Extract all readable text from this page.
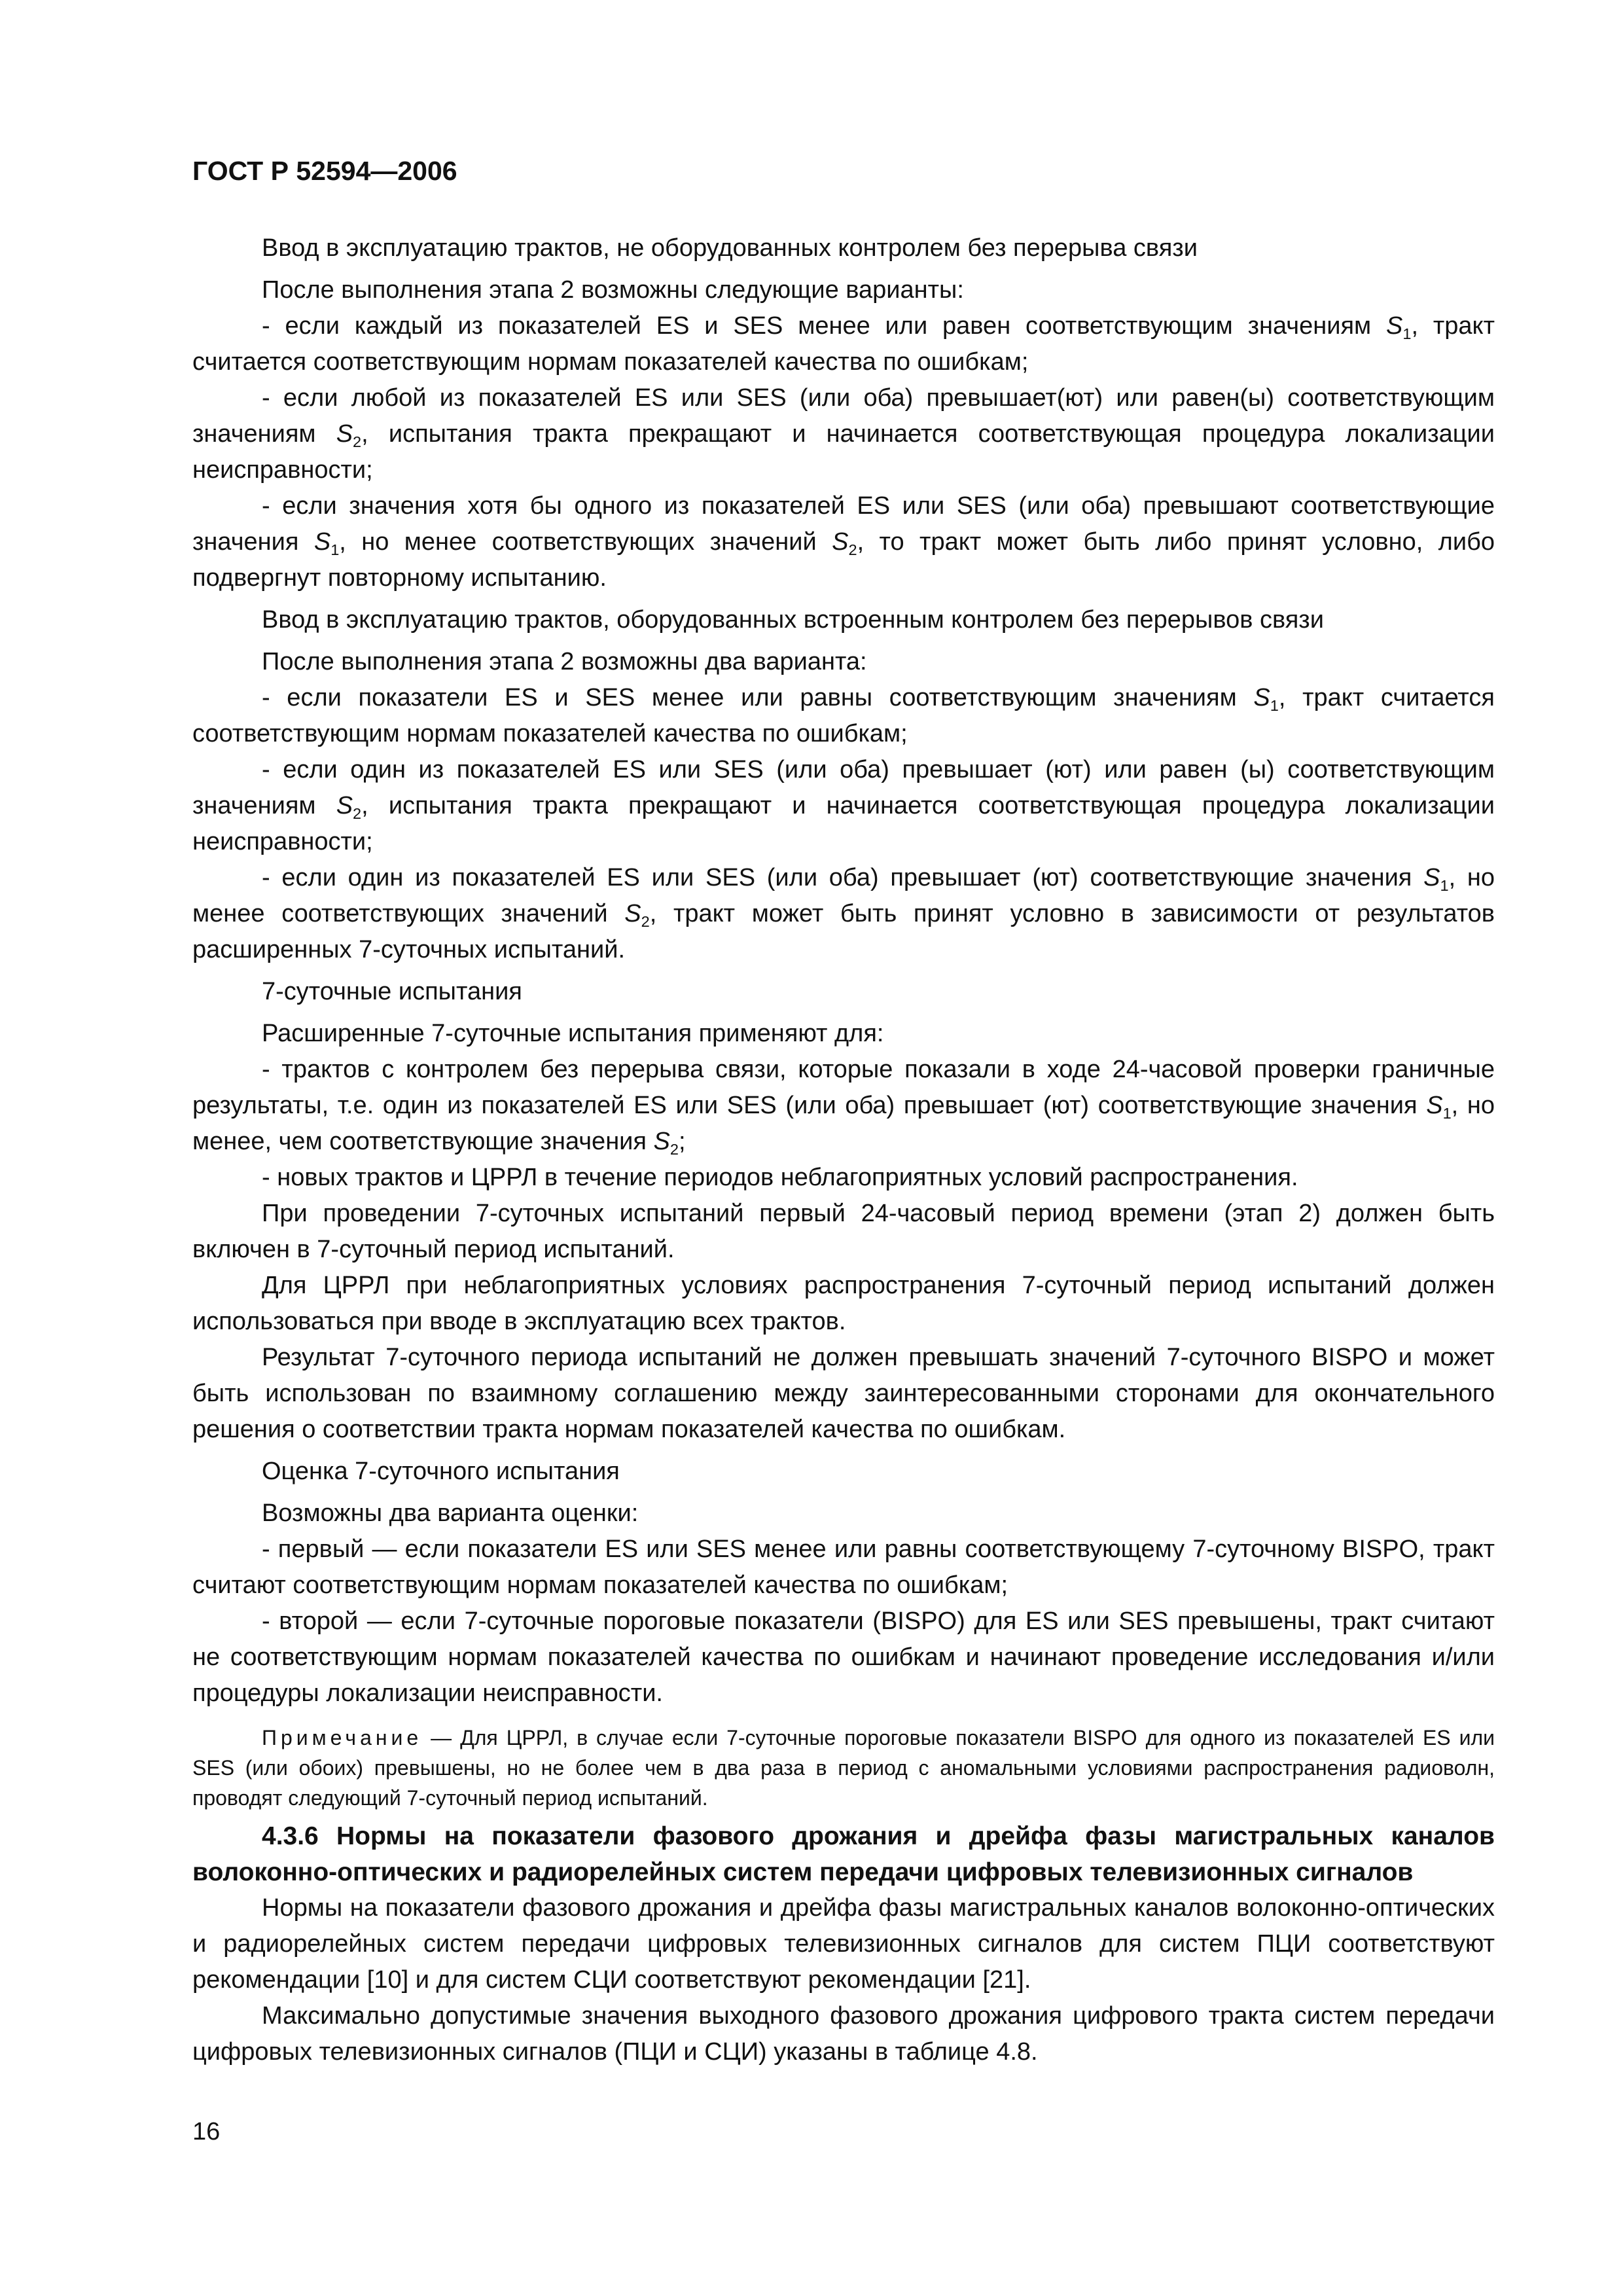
ГОСТ Р 52594—2006

Ввод в эксплуатацию трактов, не оборудованных контролем без перерыва связи

После выполнения этапа 2 возможны следующие варианты:

- если каждый из показателей ES и SES менее или равен соответствующим значениям $S_1$, тракт считается соответствующим нормам показателей качества по ошибкам;

- если любой из показателей ES или SES (или оба) превышает(ют) или равен(ы) соответствующим значениям $S_2$, испытания тракта прекращают и начинается соответствующая процедура локализации неисправности;

- если значения хотя бы одного из показателей ES или SES (или оба) превышают соответствующие значения $S_1$, но менее соответствующих значений $S_2$, то тракт может быть либо принят условно, либо подвергнут повторному испытанию.

Ввод в эксплуатацию трактов, оборудованных встроенным контролем без перерывов связи

После выполнения этапа 2 возможны два варианта:

- если показатели ES и SES менее или равны соответствующим значениям $S_1$, тракт считается соответствующим нормам показателей качества по ошибкам;

- если один из показателей ES или SES (или оба) превышает (ют) или равен (ы) соответствующим значениям $S_2$, испытания тракта прекращают и начинается соответствующая процедура локализации неисправности;

- если один из показателей ES или SES (или оба) превышает (ют) соответствующие значения $S_1$, но менее соответствующих значений $S_2$, тракт может быть принят условно в зависимости от результатов расширенных 7-суточных испытаний.

7-суточные испытания

Расширенные 7-суточные испытания применяют для:

- трактов с контролем без перерыва связи, которые показали в ходе 24-часовой проверки граничные результаты, т.е. один из показателей ES или SES (или оба) превышает (ют) соответствующие значения $S_1$, но менее, чем соответствующие значения $S_2$;

- новых трактов и ЦРРЛ в течение периодов неблагоприятных условий распространения.

При проведении 7-суточных испытаний первый 24-часовый период времени (этап 2) должен быть включен в 7-суточный период испытаний.

Для ЦРРЛ при неблагоприятных условиях распространения 7-суточный период испытаний должен использоваться при вводе в эксплуатацию всех трактов.

Результат 7-суточного периода испытаний не должен превышать значений 7-суточного BISPO и может быть использован по взаимному соглашению между заинтересованными сторонами для окончательного решения о соответствии тракта нормам показателей качества по ошибкам.

Оценка 7-суточного испытания

Возможны два варианта оценки:

- первый — если показатели ES или SES менее или равны соответствующему 7-суточному BISPO, тракт считают соответствующим нормам показателей качества по ошибкам;

- второй — если 7-суточные пороговые показатели (BISPO) для ES или SES превышены, тракт считают не соответствующим нормам показателей качества по ошибкам и начинают проведение исследования и/или процедуры локализации неисправности.

Примечание — Для ЦРРЛ, в случае если 7-суточные пороговые показатели BISPO для одного из показателей ES или SES (или обоих) превышены, но не более чем в два раза в период с аномальными условиями распространения радиоволн, проводят следующий 7-суточный период испытаний.

4.3.6 Нормы на показатели фазового дрожания и дрейфа фазы магистральных каналов волоконно-оптических и радиорелейных систем передачи цифровых телевизионных сигналов

Нормы на показатели фазового дрожания и дрейфа фазы магистральных каналов волоконно-оптических и радиорелейных систем передачи цифровых телевизионных сигналов для систем ПЦИ соответствуют рекомендации [10] и для систем СЦИ соответствуют рекомендации [21].

Максимально допустимые значения выходного фазового дрожания цифрового тракта систем передачи цифровых телевизионных сигналов (ПЦИ и СЦИ) указаны в таблице 4.8.

16
